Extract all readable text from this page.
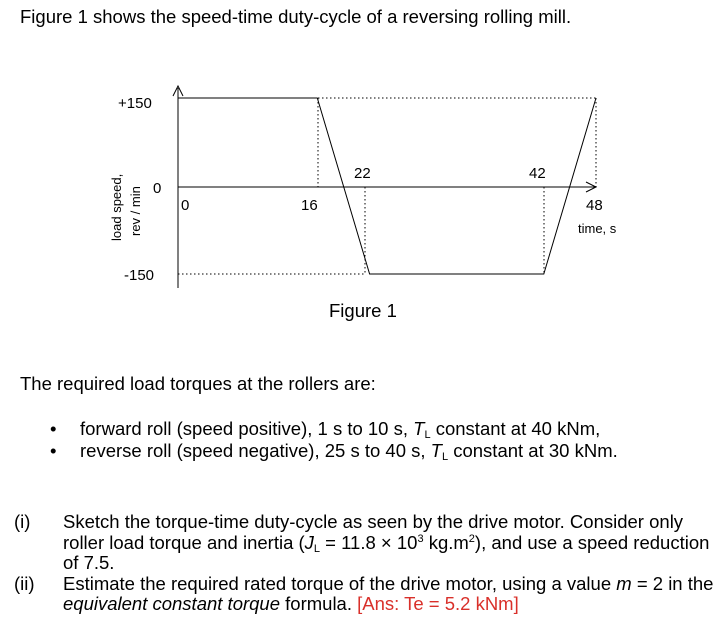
Figure 1 shows the speed-time duty-cycle of a reversing rolling mill.
+150
0
-150
load speed, rev / min	0	16
22	42
48
time, s
Figure 1
The required load torques at the rollers are:
• forward roll (speed positive), 1 s to 10 s, $T_L$ constant at 40 kNm,
• reverse roll (speed negative), 25 s to 40 s, $T_L$ constant at 30 kNm.
(i) Sketch the torque-time duty-cycle as seen by the drive motor. Consider only roller load torque and inertia ($J_L = 11.8 \times 10^3$ $kg.m^2$), and use a speed reduction of 7.5.
(ii) Estimate the required rated torque of the drive motor, using a value m = 2 in the equivalent constant torque formula. [Ans: Te = 5.2 kNm]
